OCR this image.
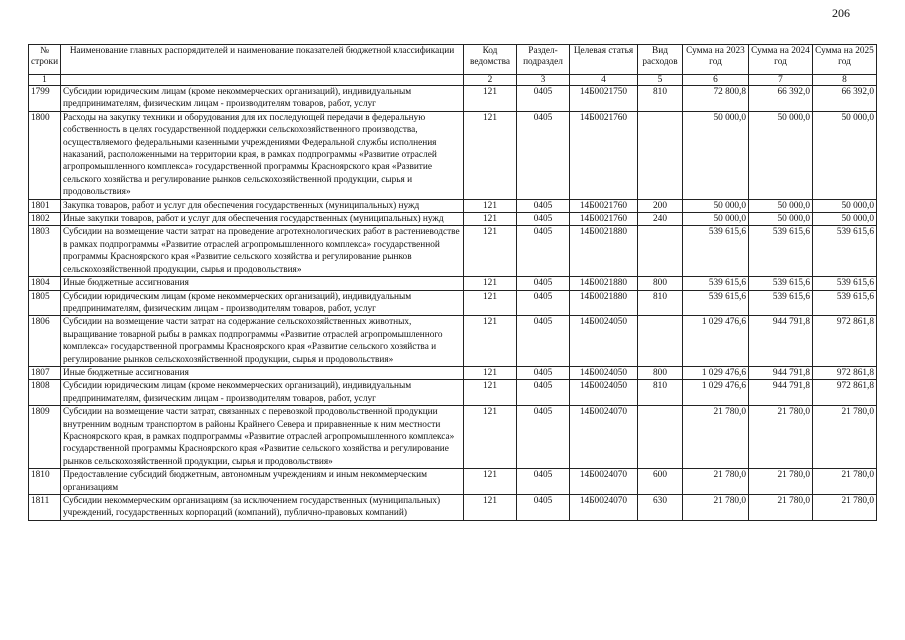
206
№ строки	Наименование главных распорядителей и наименование показателей бюджетной классификации	Код ведомства	Раздел-подраздел	Целевая статья	Вид расходов	Сумма на 2023 год	Сумма на 2024 год	Сумма на 2025 год
1		2	3	4	5	6	7	8
1799	Субсидии юридическим лицам (кроме некоммерческих организаций), индивидуальным предпринимателям, физическим лицам - производителям товаров, работ, услуг	121	0405	14Б0021750	810	72 800,8	66 392,0	66 392,0
1800	Расходы на закупку техники и оборудования для их последующей передачи в федеральную собственность в целях государственной поддержки сельскохозяйственного производства, осуществляемого федеральными казенными учреждениями Федеральной службы исполнения наказаний, расположенными на территории края, в рамках подпрограммы «Развитие отраслей агропромышленного комплекса» государственной программы Красноярского края «Развитие сельского хозяйства и регулирование рынков сельскохозяйственной продукции, сырья и продовольствия»	121	0405	14Б0021760		50 000,0	50 000,0	50 000,0
1801	Закупка товаров, работ и услуг для обеспечения государственных (муниципальных) нужд	121	0405	14Б0021760	200	50 000,0	50 000,0	50 000,0
1802	Иные закупки товаров, работ и услуг для обеспечения государственных (муниципальных) нужд	121	0405	14Б0021760	240	50 000,0	50 000,0	50 000,0
1803	Субсидии на возмещение части затрат на проведение агротехнологических работ в растениеводстве в рамках подпрограммы «Развитие отраслей агропромышленного комплекса» государственной программы Красноярского края «Развитие сельского хозяйства и регулирование рынков сельскохозяйственной продукции, сырья и продовольствия»	121	0405	14Б0021880		539 615,6	539 615,6	539 615,6
1804	Иные бюджетные ассигнования	121	0405	14Б0021880	800	539 615,6	539 615,6	539 615,6
1805	Субсидии юридическим лицам (кроме некоммерческих организаций), индивидуальным предпринимателям, физическим лицам - производителям товаров, работ, услуг	121	0405	14Б0021880	810	539 615,6	539 615,6	539 615,6
1806	Субсидии на возмещение части затрат на содержание сельскохозяйственных животных, выращивание товарной рыбы в рамках подпрограммы «Развитие отраслей агропромышленного комплекса» государственной программы Красноярского края «Развитие сельского хозяйства и регулирование рынков сельскохозяйственной продукции, сырья и продовольствия»	121	0405	14Б0024050		1 029 476,6	944 791,8	972 861,8
1807	Иные бюджетные ассигнования	121	0405	14Б0024050	800	1 029 476,6	944 791,8	972 861,8
1808	Субсидии юридическим лицам (кроме некоммерческих организаций), индивидуальным предпринимателям, физическим лицам - производителям товаров, работ, услуг	121	0405	14Б0024050	810	1 029 476,6	944 791,8	972 861,8
1809	Субсидии на возмещение части затрат, связанных с перевозкой продовольственной продукции внутренним водным транспортом в районы Крайнего Севера и приравненные к ним местности Красноярского края, в рамках подпрограммы «Развитие отраслей агропромышленного комплекса» государственной программы Красноярского края «Развитие сельского хозяйства и регулирование рынков сельскохозяйственной продукции, сырья и продовольствия»	121	0405	14Б0024070		21 780,0	21 780,0	21 780,0
1810	Предоставление субсидий бюджетным, автономным учреждениям и иным некоммерческим организациям	121	0405	14Б0024070	600	21 780,0	21 780,0	21 780,0
1811	Субсидии некоммерческим организациям (за исключением государственных (муниципальных) учреждений, государственных корпораций (компаний), публично-правовых компаний)	121	0405	14Б0024070	630	21 780,0	21 780,0	21 780,0
